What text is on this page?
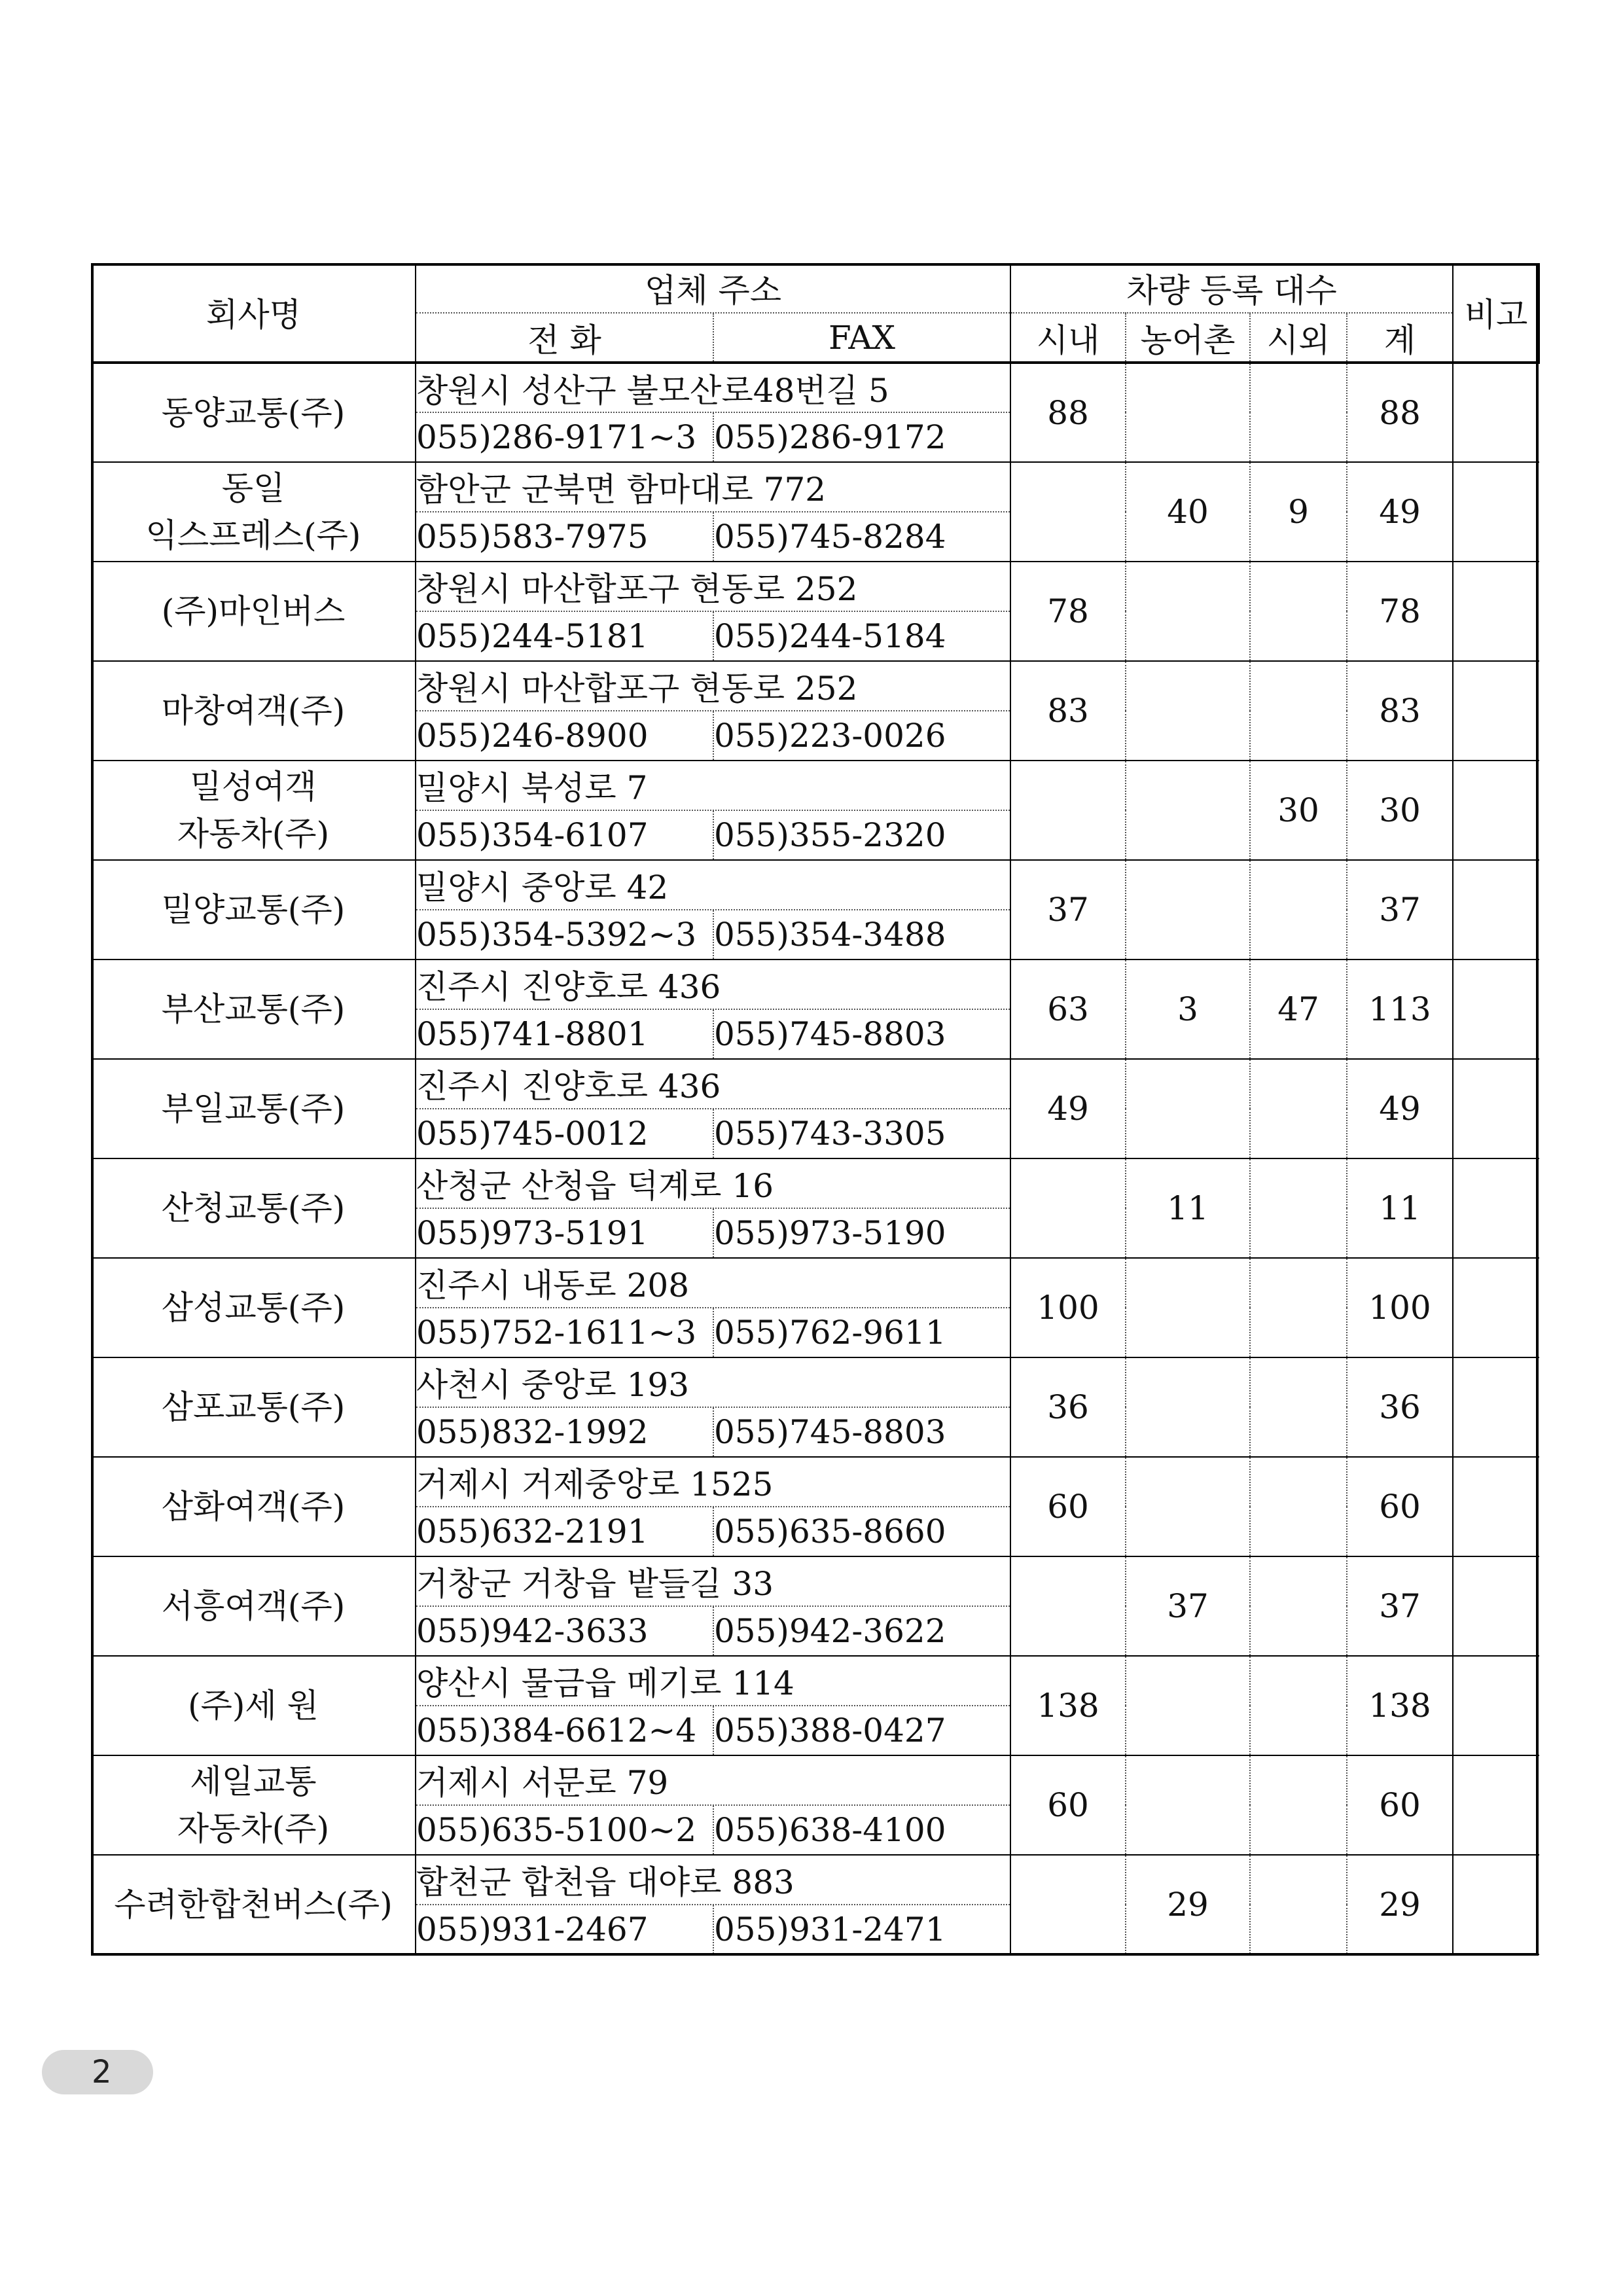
회사명	업체 주소		차량 등록 대수				비고
	전 화	FAX	시내	농어촌	시외	계	

동양교통(주)	창원시 성산구 불모산로48번길 5		88			88	
	055)286-9171~3	055)286-9172					

동일
익스프레스(주)	함안군 군북면 함마대로 772			40	9	49	
	055)583-7975	055)745-8284					

(주)마인버스	창원시 마산합포구 현동로 252		78			78	
	055)244-5181	055)244-5184					

마창여객(주)	창원시 마산합포구 현동로 252		83			83	
	055)246-8900	055)223-0026					

밀성여객
자동차(주)	밀양시 북성로 7				30	30	
	055)354-6107	055)355-2320					

밀양교통(주)	밀양시 중앙로 42		37			37	
	055)354-5392~3	055)354-3488					

부산교통(주)	진주시 진양호로 436		63	3	47	113	
	055)741-8801	055)745-8803					

부일교통(주)	진주시 진양호로 436		49			49	
	055)745-0012	055)743-3305					

산청교통(주)	산청군 산청읍 덕계로 16			11		11	
	055)973-5191	055)973-5190					

삼성교통(주)	진주시 내동로 208		100			100	
	055)752-1611~3	055)762-9611					

삼포교통(주)	사천시 중앙로 193		36			36	
	055)832-1992	055)745-8803					

삼화여객(주)	거제시 거제중앙로 1525		60			60	
	055)632-2191	055)635-8660					

서흥여객(주)	거창군 거창읍 밭들길 33			37		37	
	055)942-3633	055)942-3622					

(주)세 원	양산시 물금읍 메기로 114		138			138	
	055)384-6612~4	055)388-0427					

세일교통
자동차(주)	거제시 서문로 79		60			60	
	055)635-5100~2	055)638-4100					

수려한합천버스(주)	합천군 합천읍 대야로 883			29		29	
	055)931-2467	055)931-2471					
2
